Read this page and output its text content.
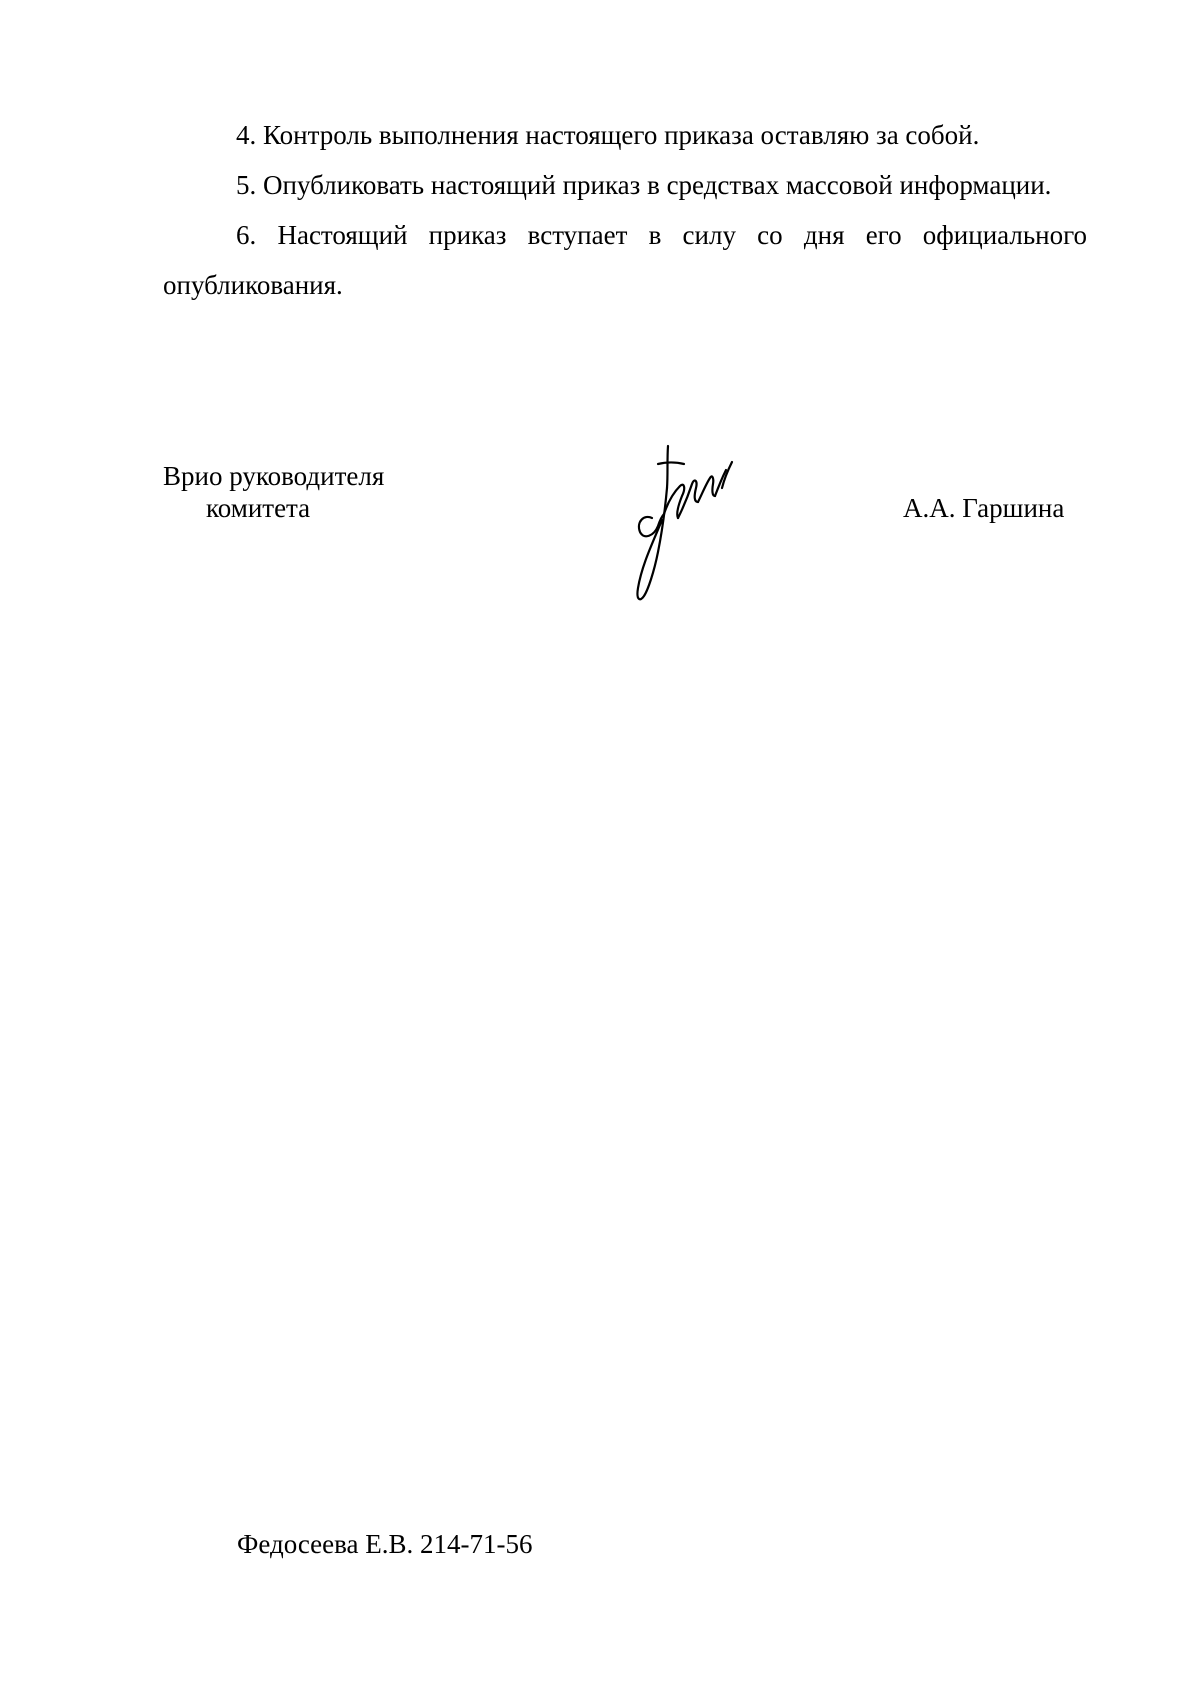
4. Контроль выполнения настоящего приказа оставляю за собой.

5. Опубликовать настоящий приказ в средствах массовой информации.

6. Настоящий приказ вступает в силу со дня его официального опубликования.

Врио руководителя
комитета	А.А. Гаршина
Федосеева Е.В. 214-71-56
